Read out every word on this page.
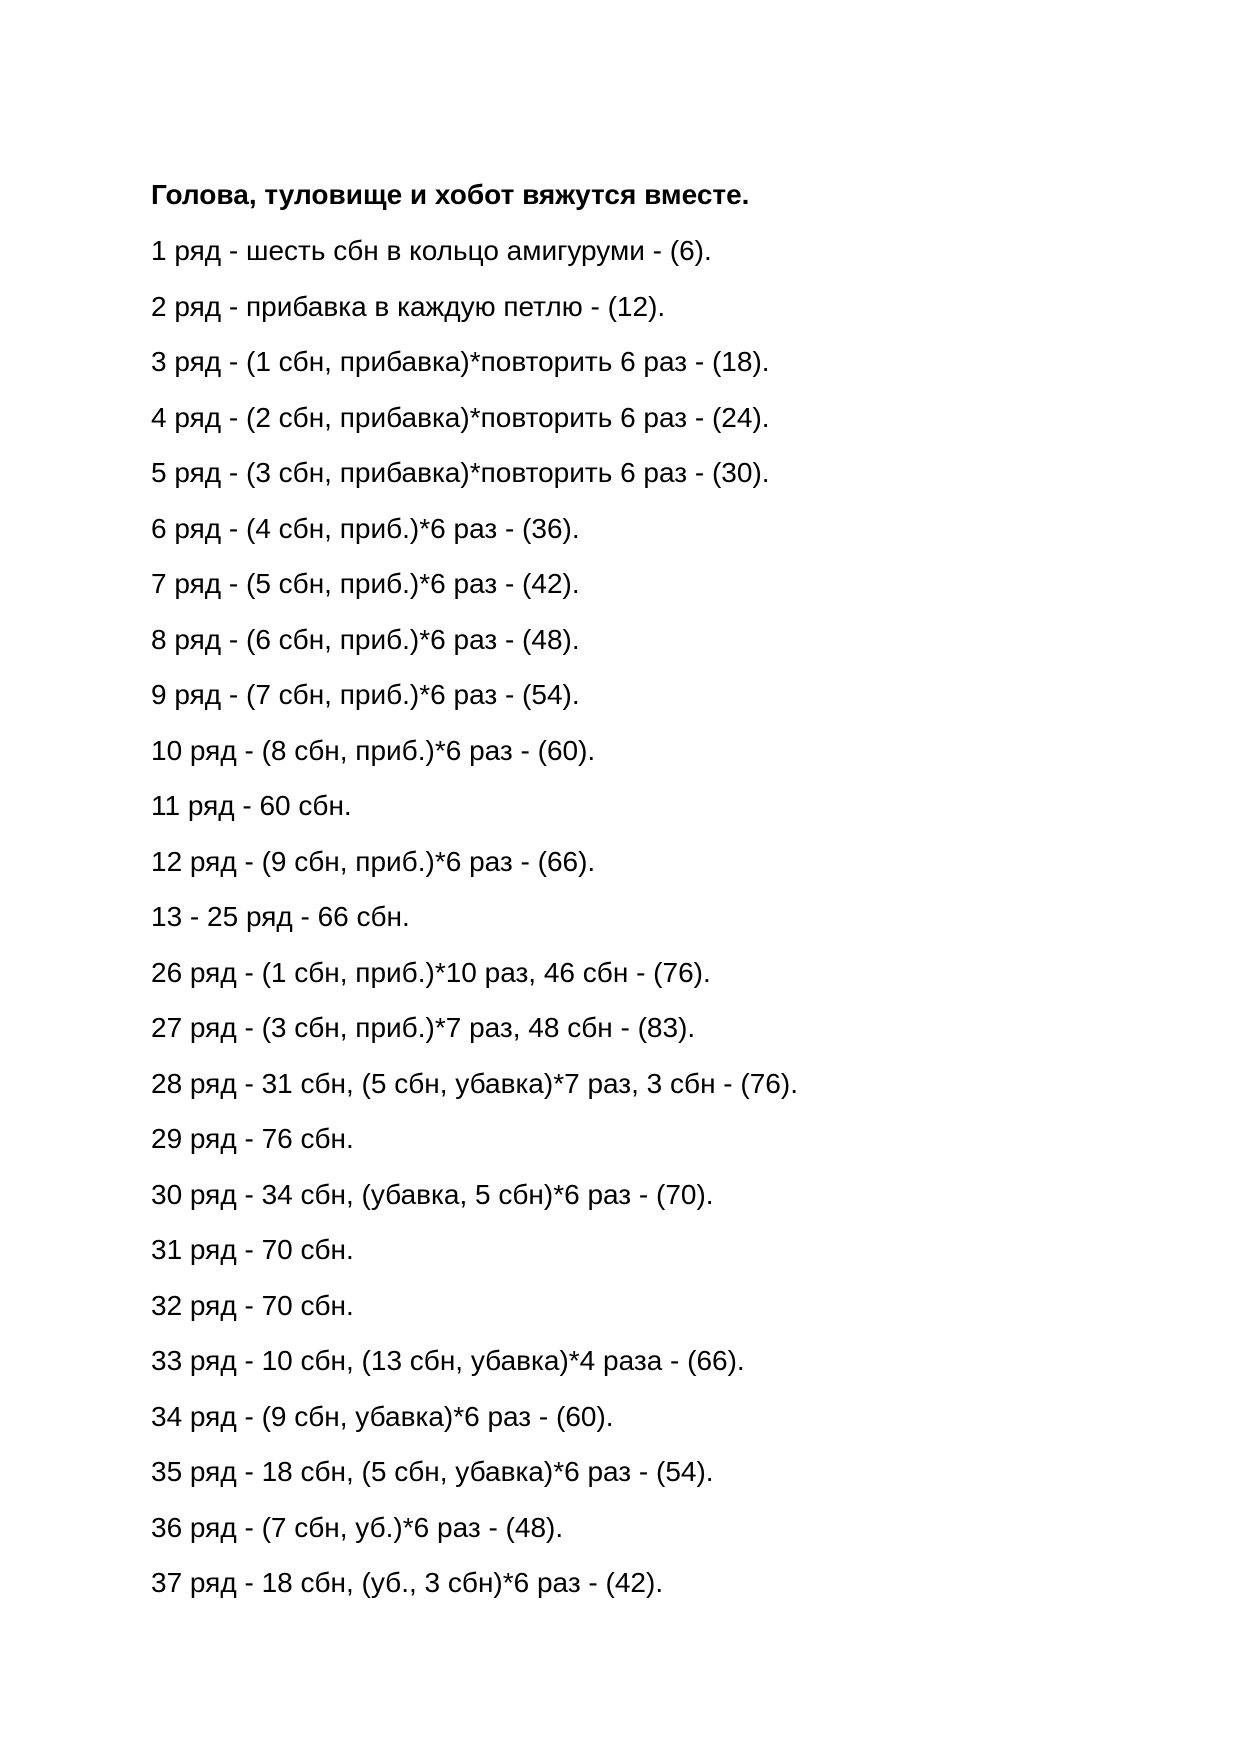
Голова, туловище и хобот вяжутся вместе.
1 ряд - шесть сбн в кольцо амигуруми - (6).
2 ряд - прибавка в каждую петлю - (12).
3 ряд - (1 сбн, прибавка)*повторить 6 раз - (18).
4 ряд - (2 сбн, прибавка)*повторить 6 раз - (24).
5 ряд - (3 сбн, прибавка)*повторить 6 раз - (30).
6 ряд - (4 сбн, приб.)*6 раз - (36).
7 ряд - (5 сбн, приб.)*6 раз - (42).
8 ряд - (6 сбн, приб.)*6 раз - (48).
9 ряд - (7 сбн, приб.)*6 раз - (54).
10 ряд - (8 сбн, приб.)*6 раз - (60).
11 ряд - 60 сбн.
12 ряд - (9 сбн, приб.)*6 раз - (66).
13 - 25 ряд - 66 сбн.
26 ряд - (1 сбн, приб.)*10 раз, 46 сбн - (76).
27 ряд - (3 сбн, приб.)*7 раз, 48 сбн - (83).
28 ряд - 31 сбн, (5 сбн, убавка)*7 раз, 3 сбн - (76).
29 ряд - 76 сбн.
30 ряд - 34 сбн, (убавка, 5 сбн)*6 раз - (70).
31 ряд - 70 сбн.
32 ряд - 70 сбн.
33 ряд - 10 сбн, (13 сбн, убавка)*4 раза - (66).
34 ряд - (9 сбн, убавка)*6 раз - (60).
35 ряд - 18 сбн, (5 сбн, убавка)*6 раз - (54).
36 ряд - (7 сбн, уб.)*6 раз - (48).
37 ряд - 18 сбн, (уб., 3 сбн)*6 раз - (42).
